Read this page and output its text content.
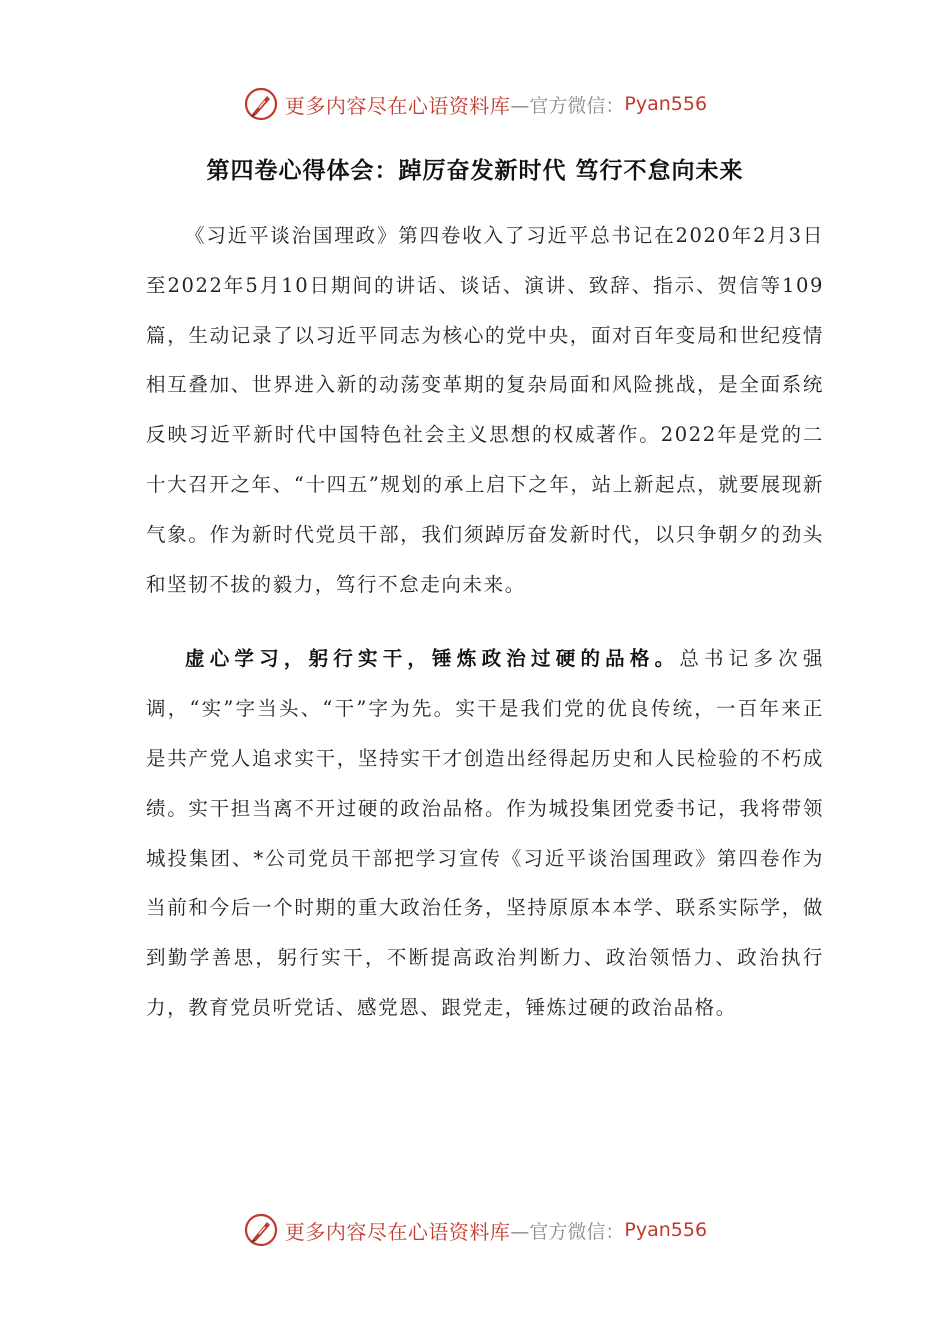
更多内容尽在心语资料库 —官方微信： Pyan556
第四卷心得体会：踔厉奋发新时代 笃行不怠向未来

《习近平谈治国理政》第四卷收入了习近平总书记在2020年2月3日至2022年5月10日期间的讲话、谈话、演讲、致辞、指示、贺信等109篇，生动记录了以习近平同志为核心的党中央，面对百年变局和世纪疫情相互叠加、世界进入新的动荡变革期的复杂局面和风险挑战，是全面系统反映习近平新时代中国特色社会主义思想的权威著作。2022年是党的二十大召开之年、“十四五”规划的承上启下之年，站上新起点，就要展现新气象。作为新时代党员干部，我们须踔厉奋发新时代，以只争朝夕的劲头和坚韧不拔的毅力，笃行不怠走向未来。

虚心学习，躬行实干，锤炼政治过硬的品格。总书记多次强调，“实”字当头、“干”字为先。实干是我们党的优良传统，一百年来正是共产党人追求实干，坚持实干才创造出经得起历史和人民检验的不朽成绩。实干担当离不开过硬的政治品格。作为城投集团党委书记，我将带领城投集团、*公司党员干部把学习宣传《习近平谈治国理政》第四卷作为当前和今后一个时期的重大政治任务，坚持原原本本学、联系实际学，做到勤学善思，躬行实干，不断提高政治判断力、政治领悟力、政治执行力，教育党员听党话、感党恩、跟党走，锤炼过硬的政治品格。

更多内容尽在心语资料库 —官方微信： Pyan556
